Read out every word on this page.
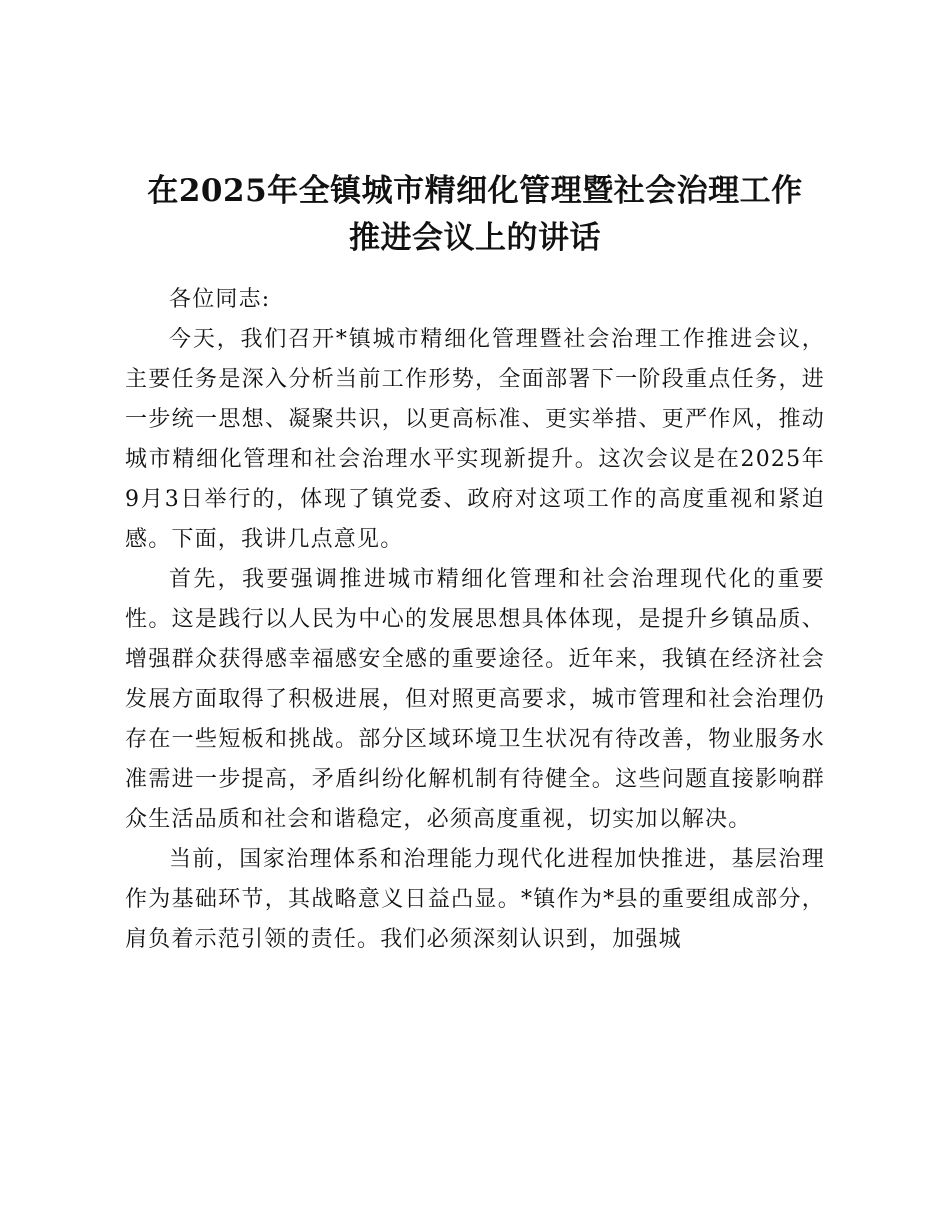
在2025年全镇城市精细化管理暨社会治理工作
推进会议上的讲话

各位同志:

今天，我们召开*镇城市精细化管理暨社会治理工作推进会议，主要任务是深入分析当前工作形势，全面部署下一阶段重点任务，进一步统一思想、凝聚共识，以更高标准、更实举措、更严作风，推动城市精细化管理和社会治理水平实现新提升。这次会议是在2025年9月3日举行的，体现了镇党委、政府对这项工作的高度重视和紧迫感。下面，我讲几点意见。

首先，我要强调推进城市精细化管理和社会治理现代化的重要性。这是践行以人民为中心的发展思想具体体现，是提升乡镇品质、增强群众获得感幸福感安全感的重要途径。近年来，我镇在经济社会发展方面取得了积极进展，但对照更高要求，城市管理和社会治理仍存在一些短板和挑战。部分区域环境卫生状况有待改善，物业服务水准需进一步提高，矛盾纠纷化解机制有待健全。这些问题直接影响群众生活品质和社会和谐稳定，必须高度重视，切实加以解决。

当前，国家治理体系和治理能力现代化进程加快推进，基层治理作为基础环节，其战略意义日益凸显。*镇作为*县的重要组成部分，肩负着示范引领的责任。我们必须深刻认识到，加强城
